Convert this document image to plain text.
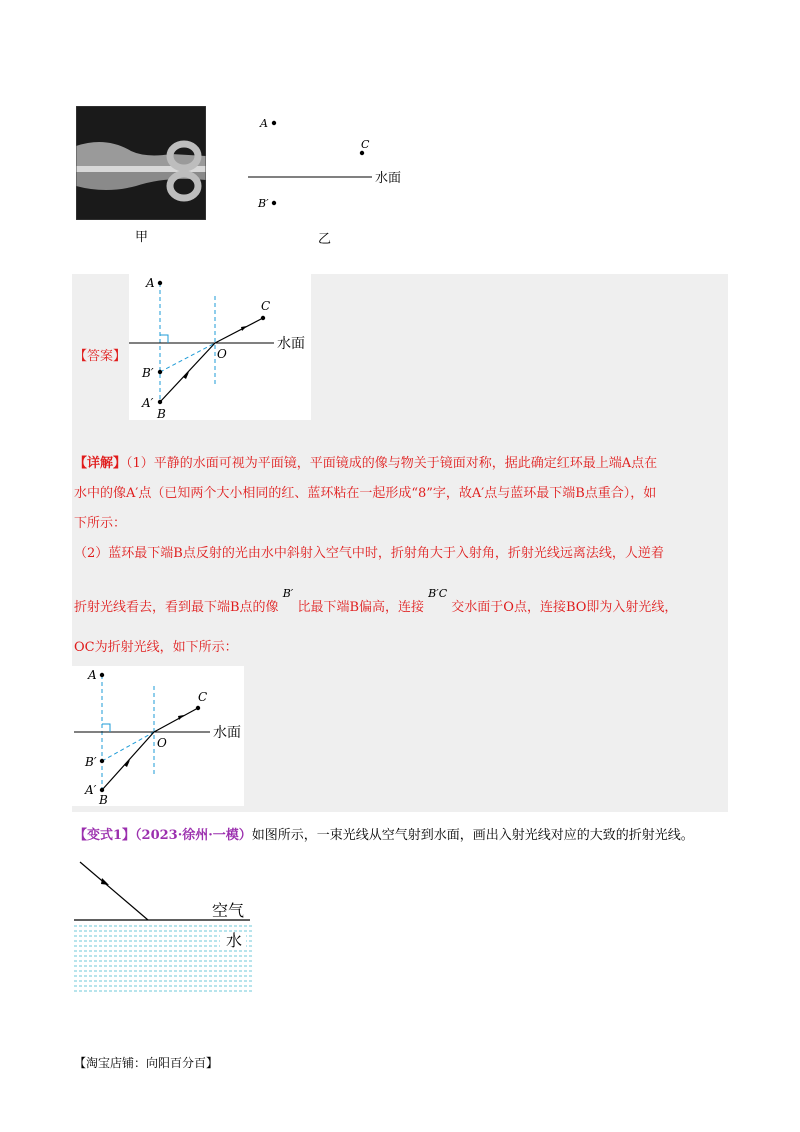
甲
A
C
水面
B′
乙
【答案】
A
C
O
水面
B′
A′
B
【详解】（1）平静的水面可视为平面镜，平面镜成的像与物关于镜面对称，据此确定红环最上端A点在
水中的像A′点（已知两个大小相同的红、蓝环粘在一起形成“8”字，故A′点与蓝环最下端B点重合），如
下所示：
（2）蓝环最下端B点反射的光由水中斜射入空气中时，折射角大于入射角，折射光线远离法线，人逆着
折射光线看去，看到最下端B点的像 $^{B'}$ 比最下端B偏高，连接 $^{B'C}$ 交水面于O点，连接BO即为入射光线，
OC为折射光线，如下所示：
A
C
O
水面
B′
A′
B
【变式1】（2023·徐州·一模）如图所示，一束光线从空气射到水面，画出入射光线对应的大致的折射光线。
空气
水
【淘宝店铺：向阳百分百】
